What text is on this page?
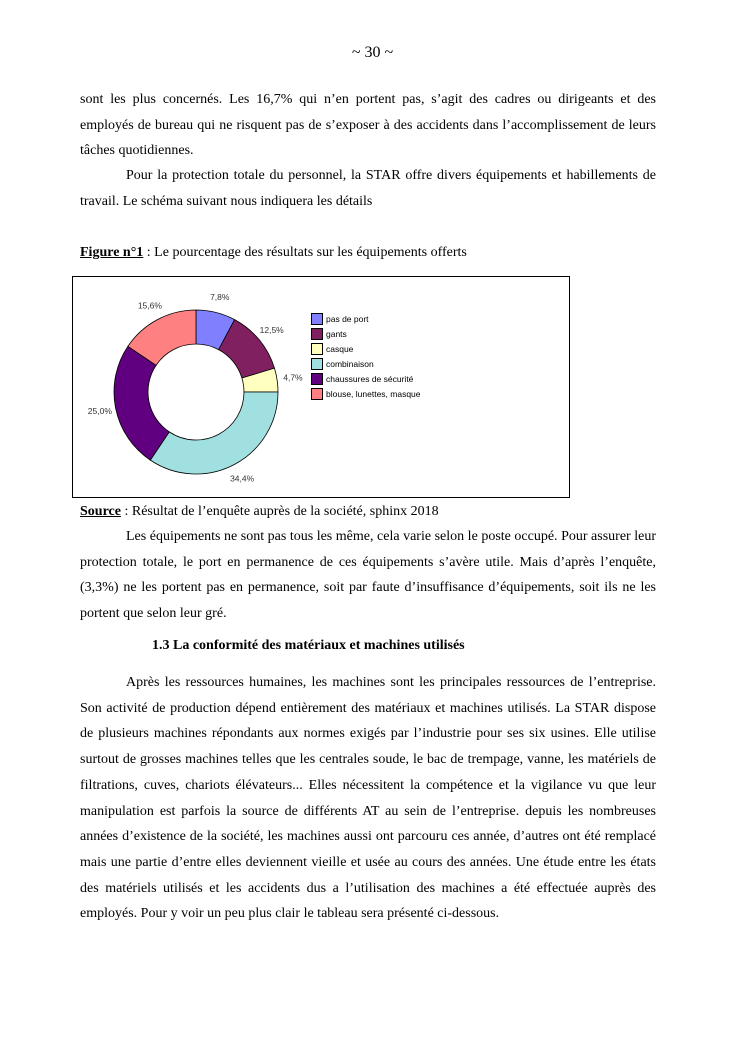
~ 30 ~
sont les plus concernés. Les 16,7% qui n’en portent pas, s’agit des cadres ou dirigeants et des employés de bureau qui ne risquent pas de s’exposer à des accidents dans l’accomplissement de leurs tâches quotidiennes.
Pour la protection totale du personnel, la STAR offre divers équipements et habillements de travail. Le schéma suivant nous indiquera les détails
Figure n°1 : Le pourcentage des résultats sur les équipements offerts
7,8%
12,5%
4,7%
34,4%
25,0%
15,6%
pas de port
gants
casque
combinaison
chaussures de sécurité
blouse, lunettes, masque
Source : Résultat de l’enquête auprès de la société, sphinx 2018
Les équipements ne sont pas tous les même, cela varie selon le poste occupé. Pour assurer leur protection totale, le port en permanence de ces équipements s’avère utile. Mais d’après l’enquête, (3,3%) ne les portent pas en permanence, soit par faute d’insuffisance d’équipements, soit ils ne les portent que selon leur gré.
1.3 La conformité des matériaux et machines utilisés
Après les ressources humaines, les machines sont les principales ressources de l’entreprise. Son activité de production dépend entièrement des matériaux et machines utilisés. La STAR dispose de plusieurs machines répondants aux normes exigés par l’industrie pour ses six usines. Elle utilise surtout de grosses machines telles que les centrales soude, le bac de trempage, vanne, les matériels de filtrations, cuves, chariots élévateurs... Elles nécessitent la compétence et la vigilance vu que leur manipulation est parfois la source de différents AT au sein de l’entreprise. depuis les nombreuses années d’existence de la société, les machines aussi ont parcouru ces année, d’autres ont été remplacé mais une partie d’entre elles deviennent vieille et usée au cours des années. Une étude entre les états des matériels utilisés et les accidents dus a l’utilisation des machines a été effectuée auprès des employés. Pour y voir un peu plus clair le tableau sera présenté ci-dessous.
